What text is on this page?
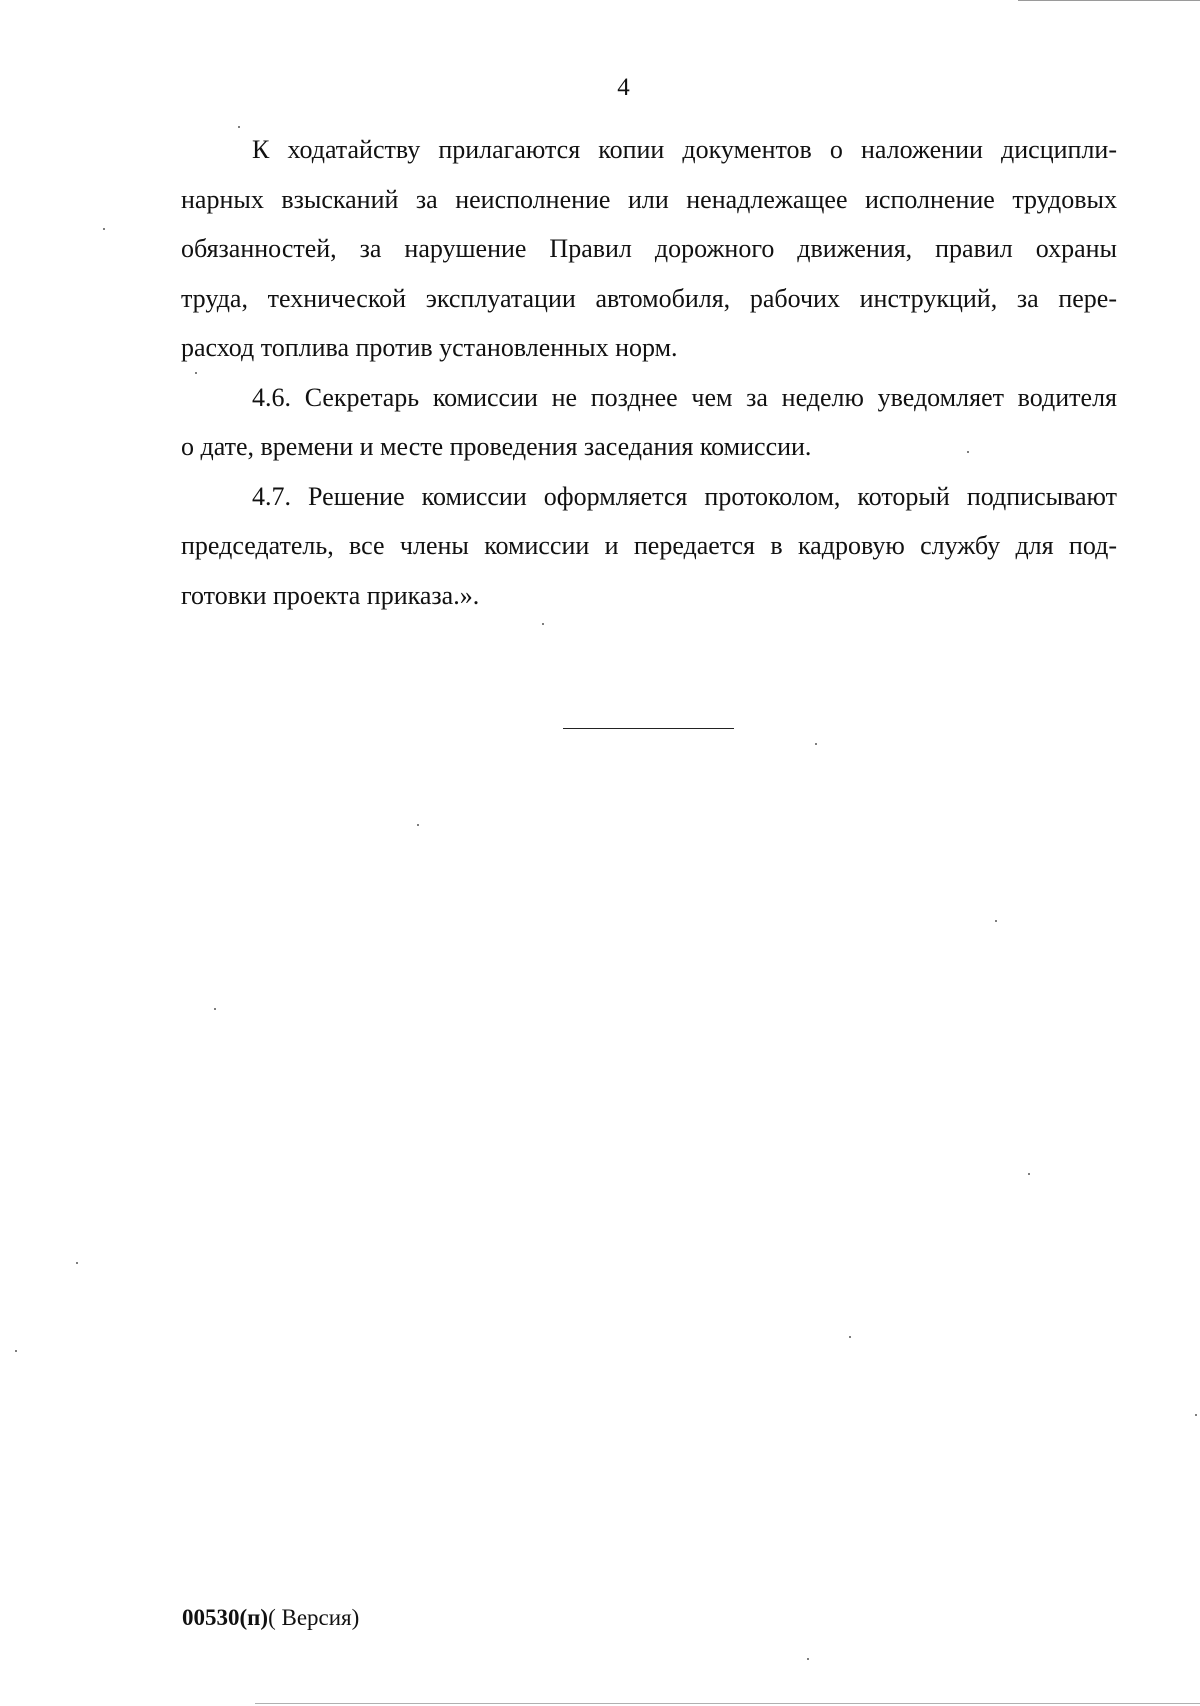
4

К ходатайству прилагаются копии документов о наложении дисципли-
нарных взысканий за неисполнение или ненадлежащее исполнение трудовых
обязанностей, за нарушение Правил дорожного движения, правил охраны
труда, технической эксплуатации автомобиля, рабочих инструкций, за пере-
расход топлива против установленных норм.

4.6. Секретарь комиссии не позднее чем за неделю уведомляет водителя
о дате, времени и месте проведения заседания комиссии.

4.7. Решение комиссии оформляется протоколом, который подписывают
председатель, все члены комиссии и передается в кадровую службу для под-
готовки проекта приказа.».

00530(п)( Версия)
